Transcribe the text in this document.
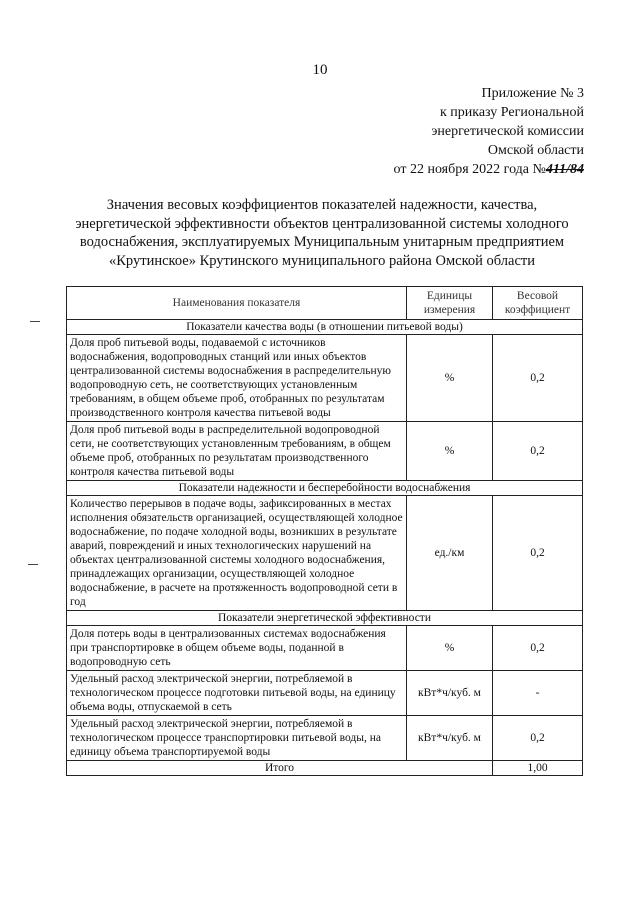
10
Приложение № 3
к приказу Региональной
энергетической комиссии
Омской области
от 22 ноября 2022 года №411/84
Значения весовых коэффициентов показателей надежности, качества,
энергетической эффективности объектов централизованной системы холодного
водоснабжения, эксплуатируемых Муниципальным унитарным предприятием
«Крутинское» Крутинского муниципального района Омской области
Наименования показателя	Единицы измерения	Весовой коэффициент
Показатели качества воды (в отношении питьевой воды)		
Доля проб питьевой воды, подаваемой с источников водоснабжения, водопроводных станций или иных объектов централизованной системы водоснабжения в распределительную водопроводную сеть, не соответствующих установленным требованиям, в общем объеме проб, отобранных по результатам производственного контроля качества питьевой воды	%	0,2
Доля проб питьевой воды в распределительной водопроводной сети, не соответствующих установленным требованиям, в общем объеме проб, отобранных по результатам производственного контроля качества питьевой воды	%	0,2
Показатели надежности и бесперебойности водоснабжения		
Количество перерывов в подаче воды, зафиксированных в местах исполнения обязательств организацией, осуществляющей холодное водоснабжение, по подаче холодной воды, возникших в результате аварий, повреждений и иных технологических нарушений на объектах централизованной системы холодного водоснабжения, принадлежащих организации, осуществляющей холодное водоснабжение, в расчете на протяженность водопроводной сети в год	ед./км	0,2
Показатели энергетической эффективности		
Доля потерь воды в централизованных системах водоснабжения при транспортировке в общем объеме воды, поданной в водопроводную сеть	%	0,2
Удельный расход электрической энергии, потребляемой в технологическом процессе подготовки питьевой воды, на единицу объема воды, отпускаемой в сеть	кВт*ч/куб. м	-
Удельный расход электрической энергии, потребляемой в технологическом процессе транспортировки питьевой воды, на единицу объема транспортируемой воды	кВт*ч/куб. м	0,2
Итого		1,00
